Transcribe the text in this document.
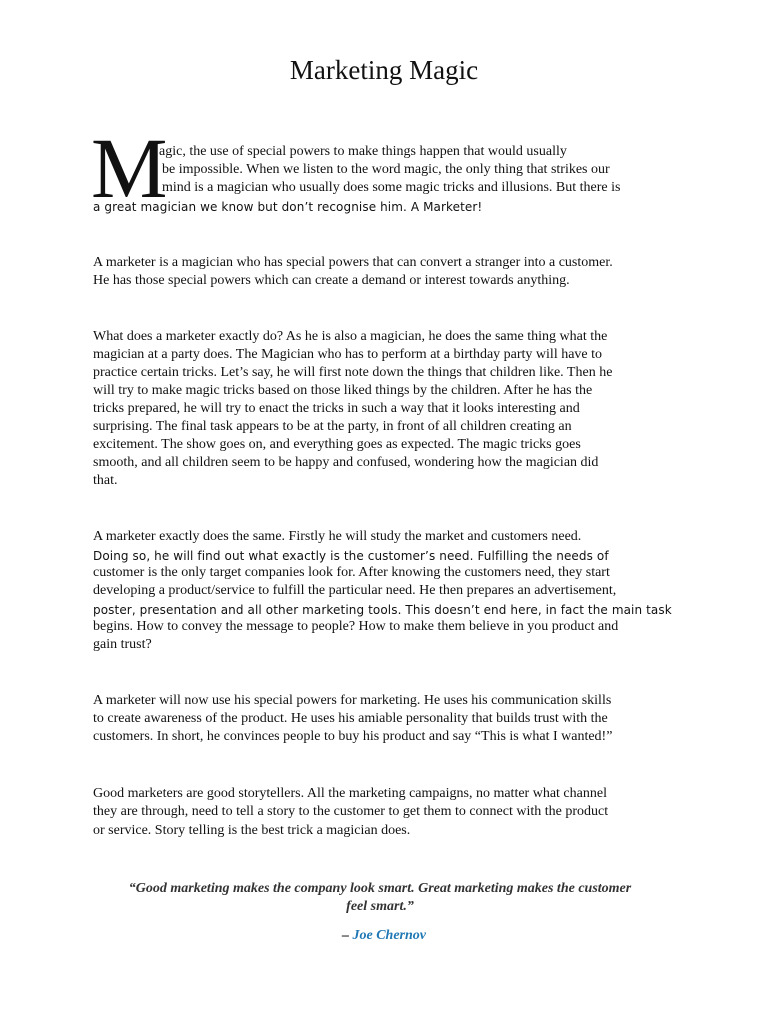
Marketing Magic
M
agic, the use of special powers to make things happen that would usually
be impossible. When we listen to the word magic, the only thing that strikes our
mind is a magician who usually does some magic tricks and illusions. But there is
a great magician we know but don’t recognise him. A Marketer!
A marketer is a magician who has special powers that can convert a stranger into a customer.
He has those special powers which can create a demand or interest towards anything.
What does a marketer exactly do? As he is also a magician, he does the same thing what the
magician at a party does. The Magician who has to perform at a birthday party will have to
practice certain tricks. Let’s say, he will first note down the things that children like. Then he
will try to make magic tricks based on those liked things by the children. After he has the
tricks prepared, he will try to enact the tricks in such a way that it looks interesting and
surprising. The final task appears to be at the party, in front of all children creating an
excitement. The show goes on, and everything goes as expected. The magic tricks goes
smooth, and all children seem to be happy and confused, wondering how the magician did
that.
A marketer exactly does the same. Firstly he will study the market and customers need.
Doing so, he will find out what exactly is the customer’s need. Fulfilling the needs of
customer is the only target companies look for. After knowing the customers need, they start
developing a product/service to fulfill the particular need. He then prepares an advertisement,
poster, presentation and all other marketing tools. This doesn’t end here, in fact the main task
begins. How to convey the message to people? How to make them believe in you product and
gain trust?
A marketer will now use his special powers for marketing. He uses his communication skills
to create awareness of the product. He uses his amiable personality that builds trust with the
customers. In short, he convinces people to buy his product and say “This is what I wanted!”
Good marketers are good storytellers. All the marketing campaigns, no matter what channel
they are through, need to tell a story to the customer to get them to connect with the product
or service. Story telling is the best trick a magician does.
“Good marketing makes the company look smart. Great marketing makes the customer
feel smart.”
– Joe Chernov
